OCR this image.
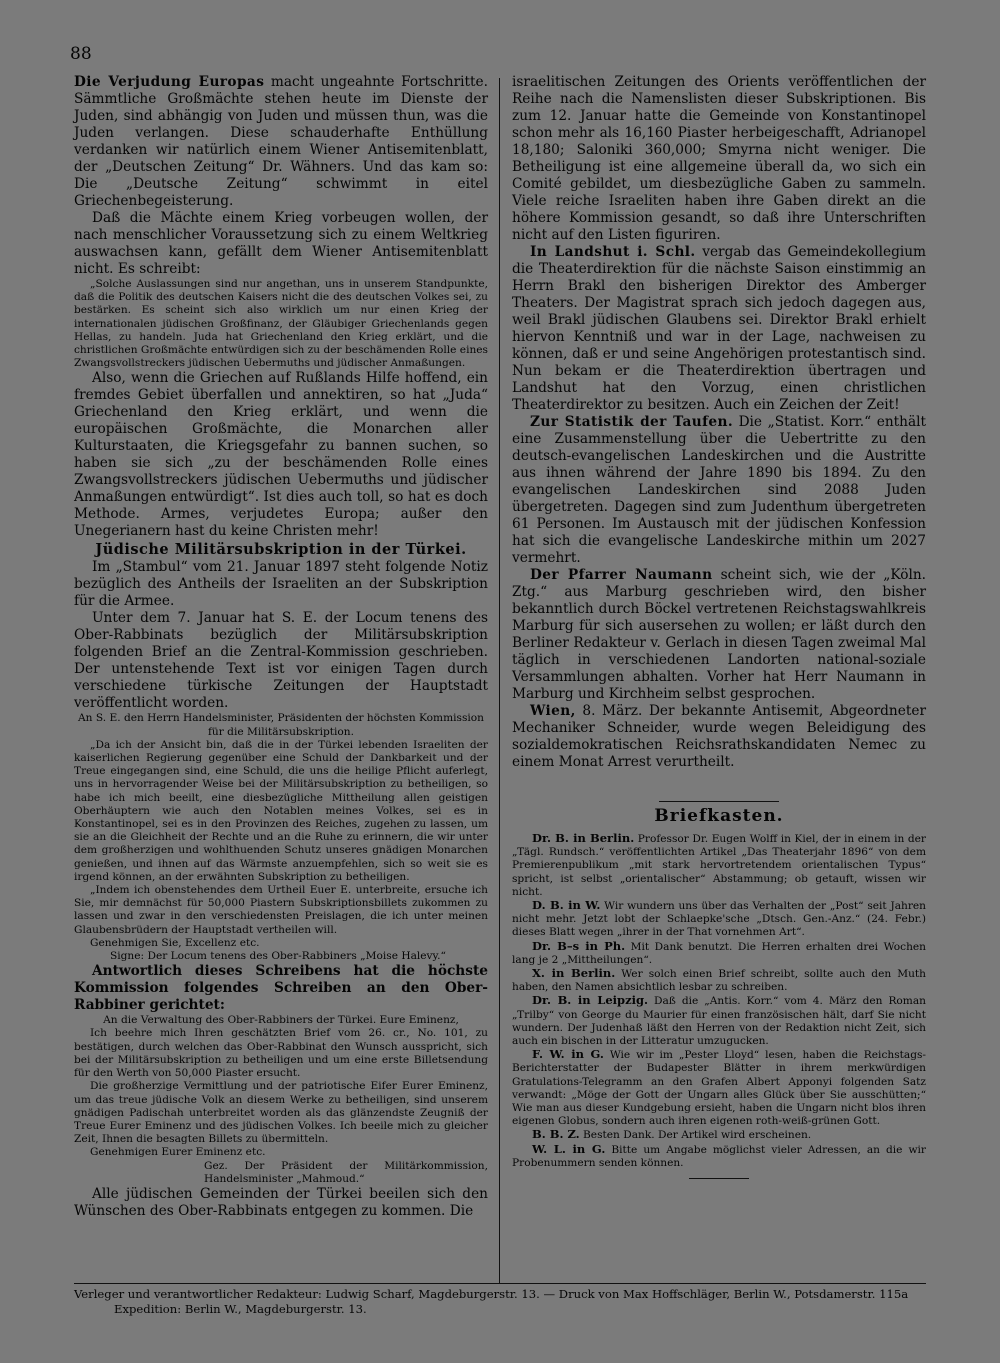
88

Die Verjudung Europas macht ungeahnte Fortschritte. Sämmtliche Großmächte stehen heute im Dienste der Juden, sind abhängig von Juden und müssen thun, was die Juden verlangen. Diese schauderhafte Enthüllung verdanken wir natürlich einem Wiener Antisemitenblatt, der „Deutschen Zeitung“ Dr. Wähners. Und das kam so: Die „Deutsche Zeitung“ schwimmt in eitel Griechenbegeisterung.

Daß die Mächte einem Krieg vorbeugen wollen, der nach menschlicher Voraussetzung sich zu einem Weltkrieg auswachsen kann, gefällt dem Wiener Antisemitenblatt nicht. Es schreibt:

„Solche Auslassungen sind nur angethan, uns in unserem Standpunkte, daß die Politik des deutschen Kaisers nicht die des deutschen Volkes sei, zu bestärken. Es scheint sich also wirklich um nur einen Krieg der internationalen jüdischen Großfinanz, der Gläubiger Griechenlands gegen Hellas, zu handeln. Juda hat Griechenland den Krieg erklärt, und die christlichen Großmächte entwürdigen sich zu der beschämenden Rolle eines Zwangsvollstreckers jüdischen Uebermuths und jüdischer Anmaßungen.

Also, wenn die Griechen auf Rußlands Hilfe hoffend, ein fremdes Gebiet überfallen und annektiren, so hat „Juda“ Griechenland den Krieg erklärt, und wenn die europäischen Großmächte, die Monarchen aller Kulturstaaten, die Kriegsgefahr zu bannen suchen, so haben sie sich „zu der beschämenden Rolle eines Zwangsvollstreckers jüdischen Uebermuths und jüdischer Anmaßungen entwürdigt“. Ist dies auch toll, so hat es doch Methode. Armes, verjudetes Europa; außer den Unegerianern hast du keine Christen mehr!

Jüdische Militärsubskription in der Türkei.

Im „Stambul“ vom 21. Januar 1897 steht folgende Notiz bezüglich des Antheils der Israeliten an der Subskription für die Armee.

Unter dem 7. Januar hat S. E. der Locum tenens des Ober-Rabbinats bezüglich der Militärsubskription folgenden Brief an die Zentral-Kommission geschrieben. Der untenstehende Text ist vor einigen Tagen durch verschiedene türkische Zeitungen der Hauptstadt veröffentlicht worden.

An S. E. den Herrn Handelsminister, Präsidenten der höchsten Kommission für die Militärsubskription.

„Da ich der Ansicht bin, daß die in der Türkei lebenden Israeliten der kaiserlichen Regierung gegenüber eine Schuld der Dankbarkeit und der Treue eingegangen sind, eine Schuld, die uns die heilige Pflicht auferlegt, uns in hervorragender Weise bei der Militärsubskription zu betheiligen, so habe ich mich beeilt, eine diesbezügliche Mittheilung allen geistigen Oberhäuptern wie auch den Notablen meines Volkes, sei es in Konstantinopel, sei es in den Provinzen des Reiches, zugehen zu lassen, um sie an die Gleichheit der Rechte und an die Ruhe zu erinnern, die wir unter dem großherzigen und wohlthuenden Schutz unseres gnädigen Monarchen genießen, und ihnen auf das Wärmste anzuempfehlen, sich so weit sie es irgend können, an der erwähnten Subskription zu betheiligen.

„Indem ich obenstehendes dem Urtheil Euer E. unterbreite, ersuche ich Sie, mir demnächst für 50,000 Piastern Subskriptionsbillets zukommen zu lassen und zwar in den verschiedensten Preislagen, die ich unter meinen Glaubensbrüdern der Hauptstadt vertheilen will.

Genehmigen Sie, Excellenz etc.

Signe: Der Locum tenens des Ober-Rabbiners „Moise Halevy.“

Antwortlich dieses Schreibens hat die höchste Kommission folgendes Schreiben an den Ober-Rabbiner gerichtet:

An die Verwaltung des Ober-Rabbiners der Türkei. Eure Eminenz,

Ich beehre mich Ihren geschätzten Brief vom 26. cr., No. 101, zu bestätigen, durch welchen das Ober-Rabbinat den Wunsch ausspricht, sich bei der Militärsubskription zu betheiligen und um eine erste Billetsendung für den Werth von 50,000 Piaster ersucht.

Die großherzige Vermittlung und der patriotische Eifer Eurer Eminenz, um das treue jüdische Volk an diesem Werke zu betheiligen, sind unserem gnädigen Padischah unterbreitet worden als das glänzendste Zeugniß der Treue Eurer Eminenz und des jüdischen Volkes. Ich beeile mich zu gleicher Zeit, Ihnen die besagten Billets zu übermitteln.

Genehmigen Eurer Eminenz etc.

Gez. Der Präsident der Militärkommission, Handelsminister „Mahmoud.“

Alle jüdischen Gemeinden der Türkei beeilen sich den Wünschen des Ober-Rabbinats entgegen zu kommen. Die

israelitischen Zeitungen des Orients veröffentlichen der Reihe nach die Namenslisten dieser Subskriptionen. Bis zum 12. Januar hatte die Gemeinde von Konstantinopel schon mehr als 16,160 Piaster herbeigeschafft, Adrianopel 18,180; Saloniki 360,000; Smyrna nicht weniger. Die Betheiligung ist eine allgemeine überall da, wo sich ein Comité gebildet, um diesbezügliche Gaben zu sammeln. Viele reiche Israeliten haben ihre Gaben direkt an die höhere Kommission gesandt, so daß ihre Unterschriften nicht auf den Listen figuriren.

In Landshut i. Schl. vergab das Gemeindekollegium die Theaterdirektion für die nächste Saison einstimmig an Herrn Brakl den bisherigen Direktor des Amberger Theaters. Der Magistrat sprach sich jedoch dagegen aus, weil Brakl jüdischen Glaubens sei. Direktor Brakl erhielt hiervon Kenntniß und war in der Lage, nachweisen zu können, daß er und seine Angehörigen protestantisch sind. Nun bekam er die Theaterdirektion übertragen und Landshut hat den Vorzug, einen christlichen Theaterdirektor zu besitzen. Auch ein Zeichen der Zeit!

Zur Statistik der Taufen. Die „Statist. Korr.“ enthält eine Zusammenstellung über die Uebertritte zu den deutsch-evangelischen Landeskirchen und die Austritte aus ihnen während der Jahre 1890 bis 1894. Zu den evangelischen Landeskirchen sind 2088 Juden übergetreten. Dagegen sind zum Judenthum übergetreten 61 Personen. Im Austausch mit der jüdischen Konfession hat sich die evangelische Landeskirche mithin um 2027 vermehrt.

Der Pfarrer Naumann scheint sich, wie der „Köln. Ztg.“ aus Marburg geschrieben wird, den bisher bekanntlich durch Böckel vertretenen Reichstagswahlkreis Marburg für sich ausersehen zu wollen; er läßt durch den Berliner Redakteur v. Gerlach in diesen Tagen zweimal Mal täglich in verschiedenen Landorten national-soziale Versammlungen abhalten. Vorher hat Herr Naumann in Marburg und Kirchheim selbst gesprochen.

Wien, 8. März. Der bekannte Antisemit, Abgeordneter Mechaniker Schneider, wurde wegen Beleidigung des sozialdemokratischen Reichsrathskandidaten Nemec zu einem Monat Arrest verurtheilt.

Briefkasten.

Dr. B. in Berlin. Professor Dr. Eugen Wolff in Kiel, der in einem in der „Tägl. Rundsch.“ veröffentlichten Artikel „Das Theaterjahr 1896“ von dem Premierenpublikum „mit stark hervortretendem orientalischen Typus“ spricht, ist selbst „orientalischer“ Abstammung; ob getauft, wissen wir nicht.

D. B. in W. Wir wundern uns über das Verhalten der „Post“ seit Jahren nicht mehr. Jetzt lobt der Schlaepke'sche „Dtsch. Gen.-Anz.“ (24. Febr.) dieses Blatt wegen „ihrer in der That vornehmen Art“.

Dr. B–s in Ph. Mit Dank benutzt. Die Herren erhalten drei Wochen lang je 2 „Mittheilungen“.

X. in Berlin. Wer solch einen Brief schreibt, sollte auch den Muth haben, den Namen absichtlich lesbar zu schreiben.

Dr. B. in Leipzig. Daß die „Antis. Korr.“ vom 4. März den Roman „Trilby“ von George du Maurier für einen französischen hält, darf Sie nicht wundern. Der Judenhaß läßt den Herren von der Redaktion nicht Zeit, sich auch ein bischen in der Litteratur umzugucken.

F. W. in G. Wie wir im „Pester Lloyd“ lesen, haben die Reichstags-Berichterstatter der Budapester Blätter in ihrem merkwürdigen Gratulations-Telegramm an den Grafen Albert Apponyi folgenden Satz verwandt: „Möge der Gott der Ungarn alles Glück über Sie ausschütten;“ Wie man aus dieser Kundgebung ersieht, haben die Ungarn nicht blos ihren eigenen Globus, sondern auch ihren eigenen roth-weiß-grünen Gott.

B. B. Z. Besten Dank. Der Artikel wird erscheinen.

W. L. in G. Bitte um Angabe möglichst vieler Adressen, an die wir Probenummern senden können.

Verleger und verantwortlicher Redakteur: Ludwig Scharf, Magdeburgerstr. 13. — Druck von Max Hoffschläger, Berlin W., Potsdamerstr. 115a
Expedition: Berlin W., Magdeburgerstr. 13.
